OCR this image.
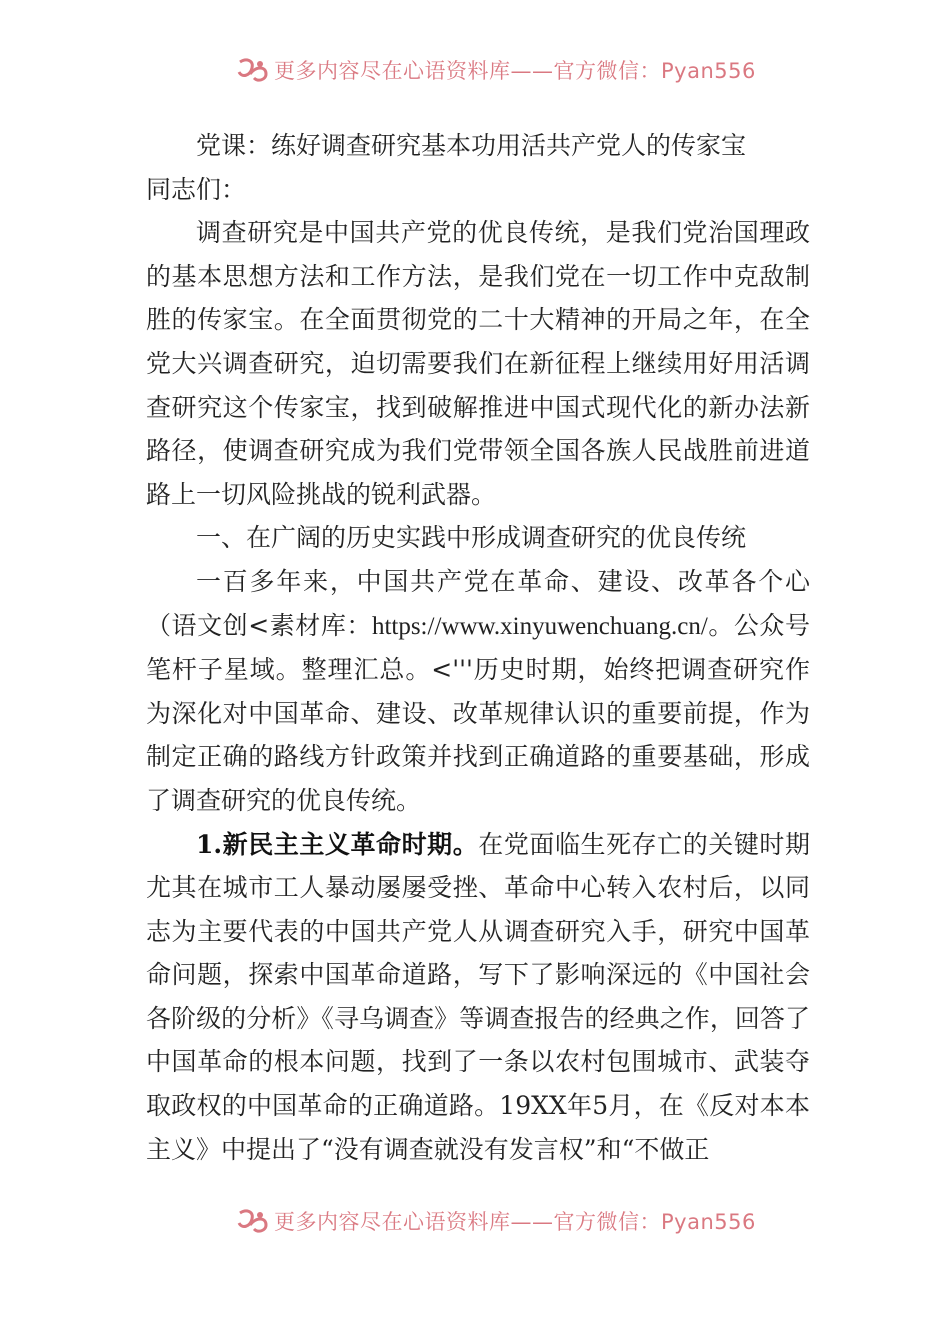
更多内容尽在心语资料库——官方微信：Pyan556

党课：练好调查研究基本功用活共产党人的传家宝

同志们：

调查研究是中国共产党的优良传统，是我们党治国理政的基本思想方法和工作方法，是我们党在一切工作中克敌制胜的传家宝。在全面贯彻党的二十大精神的开局之年，在全党大兴调查研究，迫切需要我们在新征程上继续用好用活调查研究这个传家宝，找到破解推进中国式现代化的新办法新路径，使调查研究成为我们党带领全国各族人民战胜前进道路上一切风险挑战的锐利武器。

一、在广阔的历史实践中形成调查研究的优良传统

一百多年来，中国共产党在革命、建设、改革各个心（语文创<素材库：https://www.xinyuwenchuang.cn/。公众号笔杆子星域。整理汇总。<'''历史时期，始终把调查研究作为深化对中国革命、建设、改革规律认识的重要前提，作为制定正确的路线方针政策并找到正确道路的重要基础，形成了调查研究的优良传统。

1.新民主主义革命时期。在党面临生死存亡的关键时期尤其在城市工人暴动屡屡受挫、革命中心转入农村后，以同志为主要代表的中国共产党人从调查研究入手，研究中国革命问题，探索中国革命道路，写下了影响深远的《中国社会各阶级的分析》《寻乌调查》等调查报告的经典之作，回答了中国革命的根本问题，找到了一条以农村包围城市、武装夺取政权的中国革命的正确道路。19XX年5月，在《反对本本主义》中提出了“没有调查就没有发言权”和“不做正

更多内容尽在心语资料库——官方微信：Pyan556
